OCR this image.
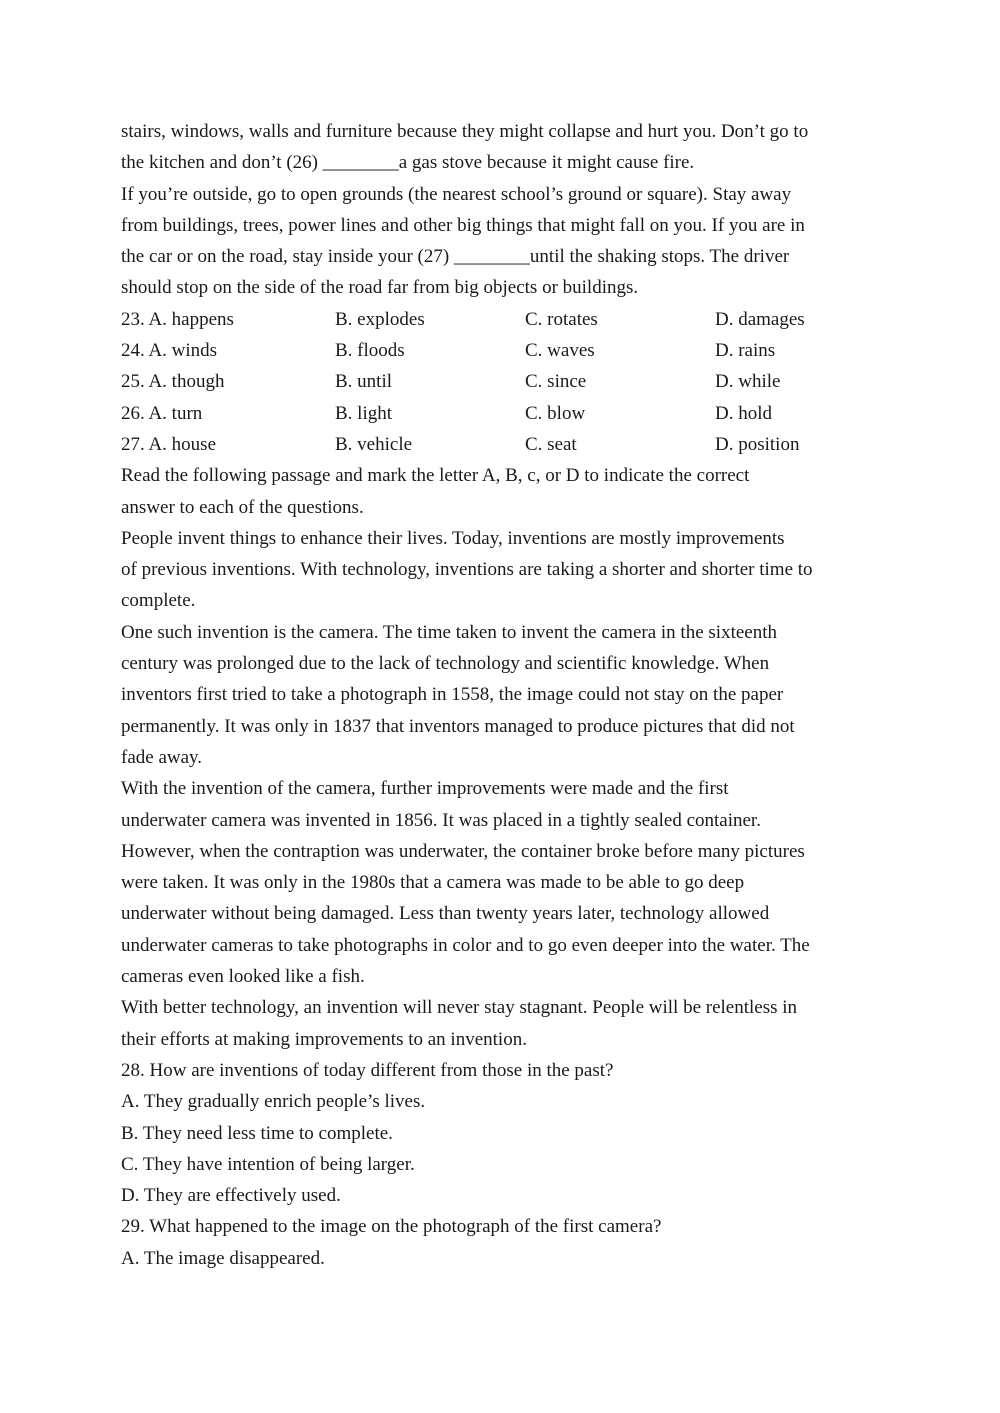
stairs, windows, walls and furniture because they might collapse and hurt you. Don’t go to
the kitchen and don’t (26) ________a gas stove because it might cause fire.
If you’re outside, go to open grounds (the nearest school’s ground or square). Stay away
from buildings, trees, power lines and other big things that might fall on you. If you are in
the car or on the road, stay inside your (27) ________until the shaking stops. The driver
should stop on the side of the road far from big objects or buildings.
23. A. happens	B. explodes	C. rotates	D. damages
24. A. winds	B. floods	C. waves	D. rains
25. A. though	B. until	C. since	D. while
26. A. turn	B. light	C. blow	D. hold
27. A. house	B. vehicle	C. seat	D. position
Read the following passage and mark the letter A, B, c, or D to indicate the correct
answer to each of the questions.
People invent things to enhance their lives. Today, inventions are mostly improvements
of previous inventions. With technology, inventions are taking a shorter and shorter time to
complete.
One such invention is the camera. The time taken to invent the camera in the sixteenth
century was prolonged due to the lack of technology and scientific knowledge. When
inventors first tried to take a photograph in 1558, the image could not stay on the paper
permanently. It was only in 1837 that inventors managed to produce pictures that did not
fade away.
With the invention of the camera, further improvements were made and the first
underwater camera was invented in 1856. It was placed in a tightly sealed container.
However, when the contraption was underwater, the container broke before many pictures
were taken. It was only in the 1980s that a camera was made to be able to go deep
underwater without being damaged. Less than twenty years later, technology allowed
underwater cameras to take photographs in color and to go even deeper into the water. The
cameras even looked like a fish.
With better technology, an invention will never stay stagnant. People will be relentless in
their efforts at making improvements to an invention.
28. How are inventions of today different from those in the past?
A. They gradually enrich people’s lives.
B. They need less time to complete.
C. They have intention of being larger.
D. They are effectively used.
29. What happened to the image on the photograph of the first camera?
A. The image disappeared.
